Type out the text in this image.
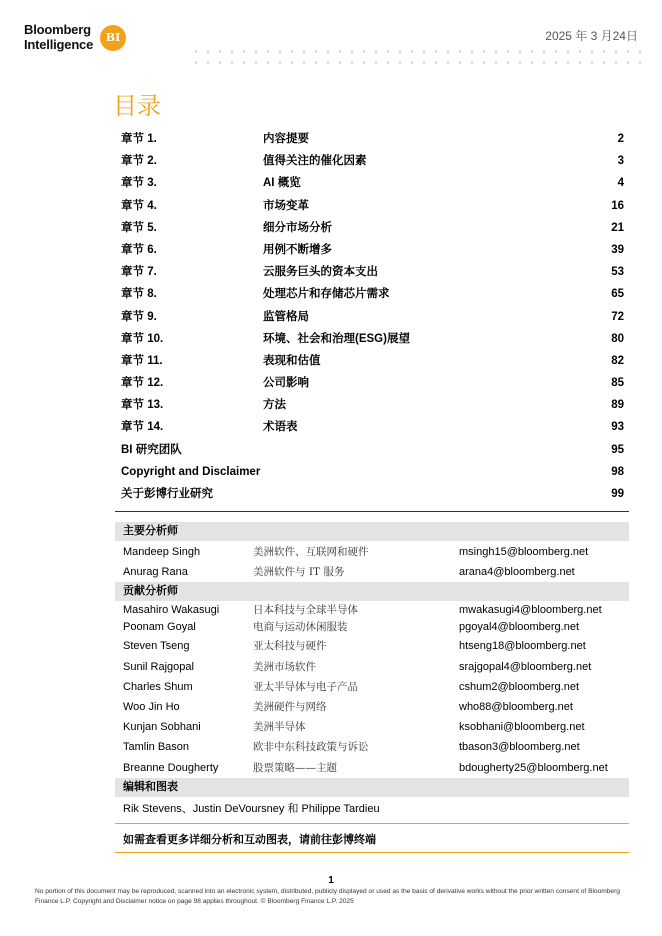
Bloomberg
Intelligence	BI	2025 年 3 月24日
目录
章节 1.	内容提要	2
章节 2.	值得关注的催化因素	3
章节 3.	AI 概览	4
章节 4.	市场变革	16
章节 5.	细分市场分析	21
章节 6.	用例不断增多	39
章节 7.	云服务巨头的资本支出	53
章节 8.	处理芯片和存储芯片需求	65
章节 9.	监管格局	72
章节 10.	环境、社会和治理(ESG)展望	80
章节 11.	表现和估值	82
章节 12.	公司影响	85
章节 13.	方法	89
章节 14.	术语表	93
BI 研究团队	95
Copyright and Disclaimer	98
关于彭博行业研究	99
主要分析师
Mandeep Singh	美洲软件、互联网和硬件	msingh15@bloomberg.net
Anurag Rana	美洲软件与 IT 服务	arana4@bloomberg.net
贡献分析师
Masahiro Wakasugi	日本科技与全球半导体	mwakasugi4@bloomberg.net
Poonam Goyal	电商与运动休闲服装	pgoyal4@bloomberg.net
Steven Tseng	亚太科技与硬件	htseng18@bloomberg.net
Sunil Rajgopal	美洲市场软件	srajgopal4@bloomberg.net
Charles Shum	亚太半导体与电子产品	cshum2@bloomberg.net
Woo Jin Ho	美洲硬件与网络	who88@bloomberg.net
Kunjan Sobhani	美洲半导体	ksobhani@bloomberg.net
Tamlin Bason	欧非中东科技政策与诉讼	tbason3@bloomberg.net
Breanne Dougherty	股票策略——主题	bdougherty25@bloomberg.net
编辑和图表
Rik Stevens、Justin DeVoursney 和 Philippe Tardieu
如需查看更多详细分析和互动图表，请前往彭博终端
1
No portion of this document may be reproduced, scanned into an electronic system, distributed, publicly displayed or used as the basis of derivative works without the prior written consent of Bloomberg Finance L.P. Copyright and Disclaimer notice on page 98 applies throughout. © Bloomberg Finance L.P. 2025
